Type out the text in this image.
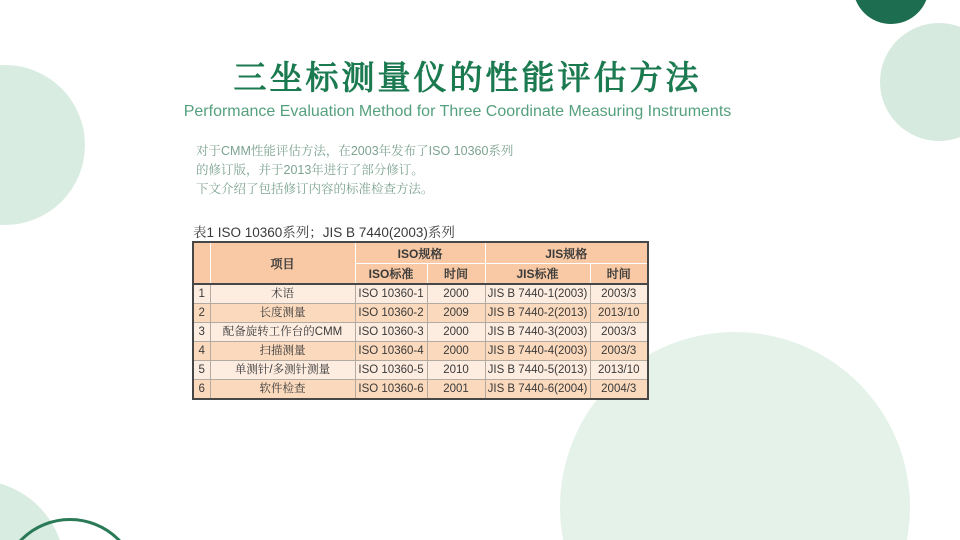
三坐标测量仪的性能评估方法

Performance Evaluation Method for Three Coordinate Measuring Instruments

对于CMM性能评估方法，在2003年发布了ISO 10360系列
的修订版，并于2013年进行了部分修订。
下文介绍了包括修订内容的标准检查方法。
表1 ISO 10360系列；JIS B 7440(2003)系列
	项目	ISO规格		JIS规格	
		ISO标准	时间	JIS标准	时间
1	术语	ISO 10360-1	2000	JIS B 7440-1(2003)	2003/3
2	长度测量	ISO 10360-2	2009	JIS B 7440-2(2013)	2013/10
3	配备旋转工作台的CMM	ISO 10360-3	2000	JIS B 7440-3(2003)	2003/3
4	扫描测量	ISO 10360-4	2000	JIS B 7440-4(2003)	2003/3
5	单测针/多测针测量	ISO 10360-5	2010	JIS B 7440-5(2013)	2013/10
6	软件检查	ISO 10360-6	2001	JIS B 7440-6(2004)	2004/3
